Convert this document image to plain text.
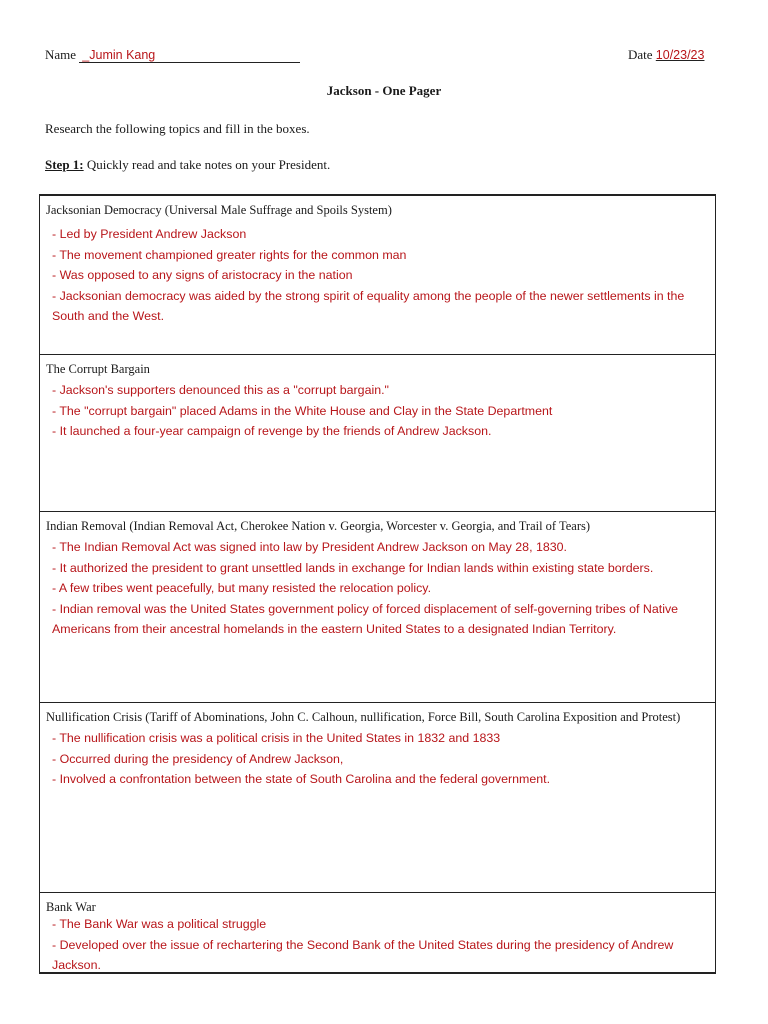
Name _Jumin Kang	Date 10/23/23
Jackson - One Pager
Research the following topics and fill in the boxes.
Step 1: Quickly read and take notes on your President.
Jacksonian Democracy (Universal Male Suffrage and Spoils System)
- Led by President Andrew Jackson
- The movement championed greater rights for the common man
- Was opposed to any signs of aristocracy in the nation
- Jacksonian democracy was aided by the strong spirit of equality among the people of the newer settlements in the South and the West.
The Corrupt Bargain
- Jackson's supporters denounced this as a "corrupt bargain."
- The "corrupt bargain" placed Adams in the White House and Clay in the State Department
- It launched a four-year campaign of revenge by the friends of Andrew Jackson.
Indian Removal (Indian Removal Act, Cherokee Nation v. Georgia, Worcester v. Georgia, and Trail of Tears)
- The Indian Removal Act was signed into law by President Andrew Jackson on May 28, 1830.
- It authorized the president to grant unsettled lands in exchange for Indian lands within existing state borders.
- A few tribes went peacefully, but many resisted the relocation policy.
- Indian removal was the United States government policy of forced displacement of self-governing tribes of Native Americans from their ancestral homelands in the eastern United States to a designated Indian Territory.
Nullification Crisis (Tariff of Abominations, John C. Calhoun, nullification, Force Bill, South Carolina Exposition and Protest)
- The nullification crisis was a political crisis in the United States in 1832 and 1833
- Occurred during the presidency of Andrew Jackson,
- Involved a confrontation between the state of South Carolina and the federal government.
Bank War
- The Bank War was a political struggle
- Developed over the issue of rechartering the Second Bank of the United States during the presidency of Andrew Jackson.
